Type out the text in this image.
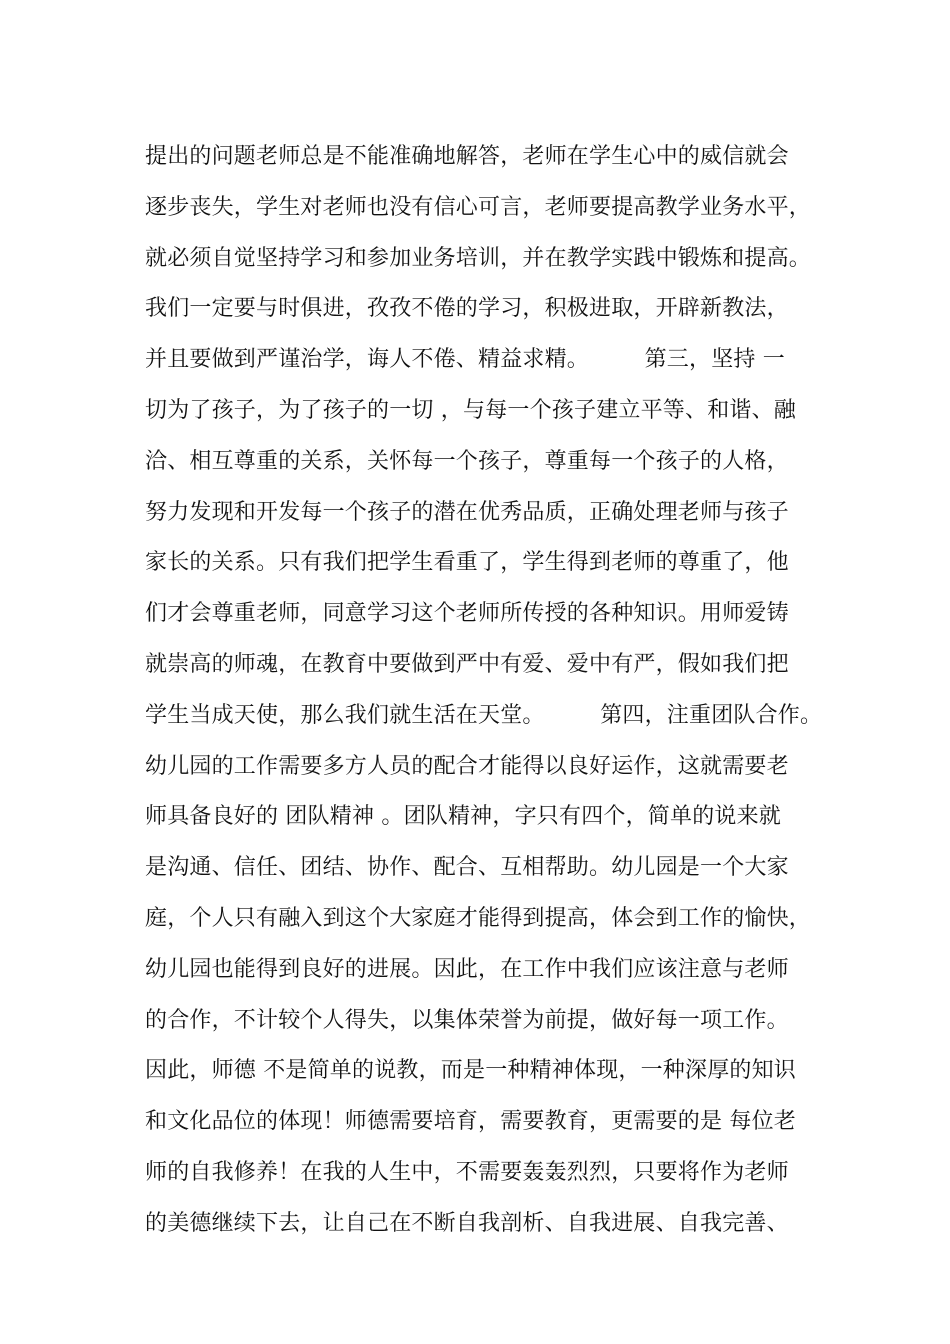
提出的问题老师总是不能准确地解答，老师在学生心中的威信就会
逐步丧失，学生对老师也没有信心可言，老师要提高教学业务水平，
就必须自觉坚持学习和参加业务培训，并在教学实践中锻炼和提高。
我们一定要与时俱进，孜孜不倦的学习，积极进取，开辟新教法，
并且要做到严谨治学，诲人不倦、精益求精。　　　第三，坚持 一
切为了孩子，为了孩子的一切 ，与每一个孩子建立平等、和谐、融
洽、相互尊重的关系，关怀每一个孩子，尊重每一个孩子的人格，
努力发现和开发每一个孩子的潜在优秀品质，正确处理老师与孩子
家长的关系。只有我们把学生看重了，学生得到老师的尊重了，他
们才会尊重老师，同意学习这个老师所传授的各种知识。用师爱铸
就崇高的师魂，在教育中要做到严中有爱、爱中有严，假如我们把
学生当成天使，那么我们就生活在天堂。　　　第四，注重团队合作。
幼儿园的工作需要多方人员的配合才能得以良好运作，这就需要老
师具备良好的 团队精神 。团队精神，字只有四个，简单的说来就
是沟通、信任、团结、协作、配合、互相帮助。幼儿园是一个大家
庭，个人只有融入到这个大家庭才能得到提高，体会到工作的愉快，
幼儿园也能得到良好的进展。因此，在工作中我们应该注意与老师
的合作，不计较个人得失，以集体荣誉为前提，做好每一项工作。
因此，师德 不是简单的说教，而是一种精神体现，一种深厚的知识
和文化品位的体现！师德需要培育，需要教育，更需要的是 每位老
师的自我修养！在我的人生中，不需要轰轰烈烈，只要将作为老师
的美德继续下去，让自己在不断自我剖析、自我进展、自我完善、
